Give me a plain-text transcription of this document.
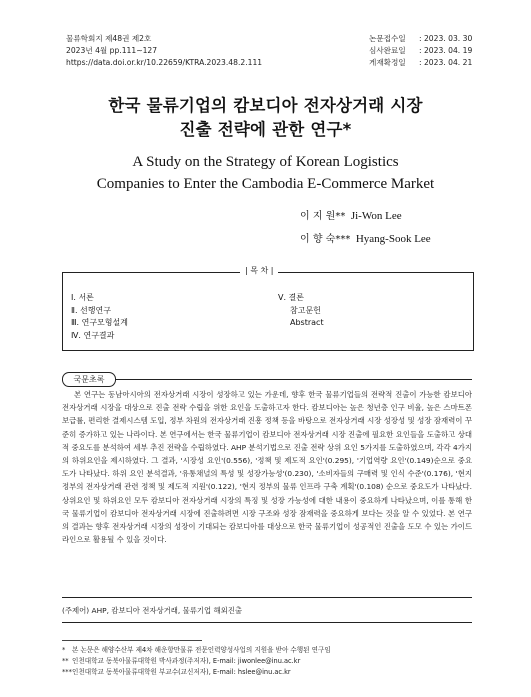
물류학회지 제48권 제2호
2023년 4월 pp.111~127
https://data.doi.or.kr/10.22659/KTRA.2023.48.2.111
논문접수일	: 2023. 03. 30
심사완료일	: 2023. 04. 19
게재확정일	: 2023. 04. 21
한국 물류기업의 캄보디아 전자상거래 시장
진출 전략에 관한 연구*
A Study on the Strategy of Korean Logistics
Companies to Enter the Cambodia E-Commerce Market
이 지 원** Ji-Won Lee
이 향 숙*** Hyang-Sook Lee
Ⅰ. 서론
Ⅱ. 선행연구
Ⅲ. 연구모형설계
Ⅳ. 연구결과
Ⅴ. 결론
참고문헌
Abstract
| 목 차 |
국문초록

본 연구는 동남아시아의 전자상거래 시장이 성장하고 있는 가운데, 향후 한국 물류기업들의 전략적 진출이 가능한 캄보디아 전자상거래 시장을 대상으로 진출 전략 수립을 위한 요인을 도출하고자 한다. 캄보디아는 높은 청년층 인구 비율, 높은 스마트폰 보급률, 편리한 결제시스템 도입, 정부 차원의 전자상거래 진흥 정책 등을 바탕으로 전자상거래 시장 성장성 및 성장 잠재력이 꾸준히 증가하고 있는 나라이다. 본 연구에서는 한국 물류기업이 캄보디아 전자상거래 시장 진출에 필요한 요인들을 도출하고 상대적 중요도를 분석하여 세부 추진 전략을 수립하였다. AHP 분석기법으로 진출 전략 상위 요인 5가지를 도출하였으며, 각각 4가지의 하위요인을 제시하였다. 그 결과, '시장성 요인'(0.556), '정책 및 제도적 요인'(0.295), '기업역량 요인'(0.149)순으로 중요도가 나타났다. 하위 요인 분석결과, '유통채널의 특성 및 성장가능성'(0.230), '소비자들의 구매력 및 인식 수준'(0.176), '현지 정부의 전자상거래 관련 정책 및 제도적 지원'(0.122), '현지 정부의 물류 인프라 구축 계획'(0.108) 순으로 중요도가 나타났다. 상위요인 및 하위요인 모두 캄보디아 전자상거래 시장의 특징 및 성장 가능성에 대한 내용이 중요하게 나타났으며, 이를 통해 한국 물류기업이 캄보디아 전자상거래 시장에 진출하려면 시장 구조와 성장 잠재력을 중요하게 보다는 것을 알 수 있었다. 본 연구의 결과는 향후 전자상거래 시장의 성장이 기대되는 캄보디아를 대상으로 한국 물류기업이 성공적인 진출을 도모 수 있는 가이드라인으로 활용될 수 있을 것이다.

(주제어) AHP, 캄보디아 전자상거래, 물류기업 해외진출
* 본 논문은 해양수산부 제4차 해운항만물류 전문인력양성사업의 지원을 받아 수행된 연구임
** 인천대학교 동북아물류대학원 박사과정(주저자), E-mail: jiwonlee@inu.ac.kr
***인천대학교 동북아물류대학원 부교수(교신저자), E-mail: hslee@inu.ac.kr
